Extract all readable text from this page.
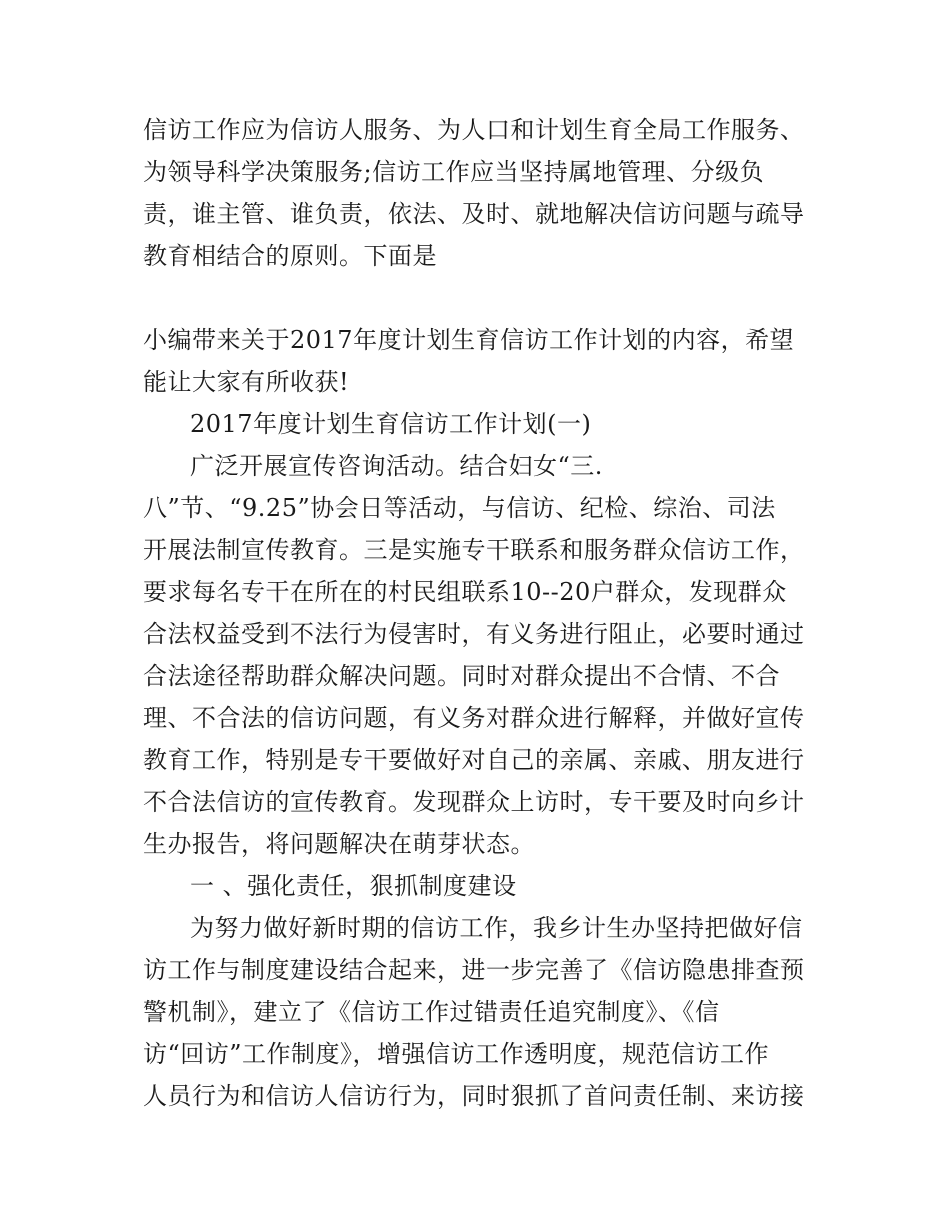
信访工作应为信访人服务、为人口和计划生育全局工作服务、
为领导科学决策服务;信访工作应当坚持属地管理、分级负
责，谁主管、谁负责，依法、及时、就地解决信访问题与疏导
教育相结合的原则。下面是
小编带来关于2017年度计划生育信访工作计划的内容，希望
能让大家有所收获!
2017年度计划生育信访工作计划(一)
广泛开展宣传咨询活动。结合妇女“三.
八”节、“9.25”协会日等活动，与信访、纪检、综治、司法
开展法制宣传教育。三是实施专干联系和服务群众信访工作，
要求每名专干在所在的村民组联系10--20户群众，发现群众
合法权益受到不法行为侵害时，有义务进行阻止，必要时通过
合法途径帮助群众解决问题。同时对群众提出不合情、不合
理、不合法的信访问题，有义务对群众进行解释，并做好宣传
教育工作，特别是专干要做好对自己的亲属、亲戚、朋友进行
不合法信访的宣传教育。发现群众上访时，专干要及时向乡计
生办报告，将问题解决在萌芽状态。
一 、强化责任，狠抓制度建设
为努力做好新时期的信访工作，我乡计生办坚持把做好信
访工作与制度建设结合起来，进一步完善了《信访隐患排查预
警机制》，建立了《信访工作过错责任追究制度》、《信
访“回访”工作制度》，增强信访工作透明度，规范信访工作
人员行为和信访人信访行为，同时狠抓了首问责任制、来访接
